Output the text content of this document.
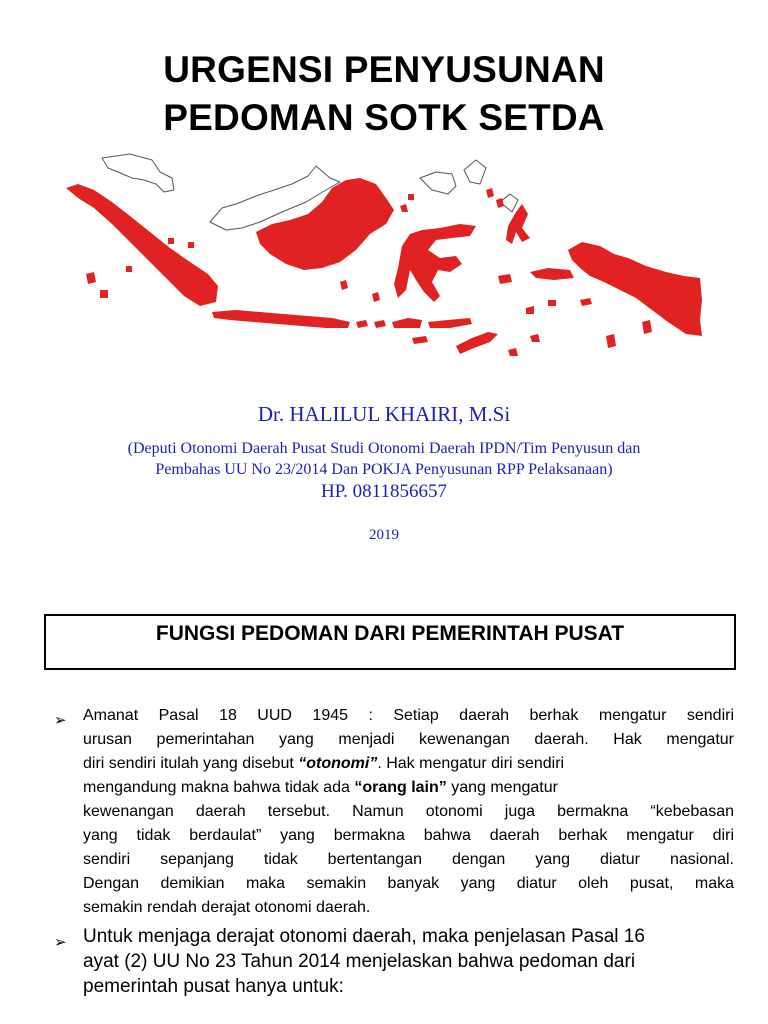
URGENSI PENYUSUNAN
PEDOMAN SOTK SETDA
Dr. HALILUL KHAIRI, M.Si
(Deputi Otonomi Daerah Pusat Studi Otonomi Daerah IPDN/Tim Penyusun dan
Pembahas UU No 23/2014 Dan POKJA Penyusunan RPP Pelaksanaan)
HP. 0811856657
2019
FUNGSI PEDOMAN DARI PEMERINTAH PUSAT
➢ Amanat Pasal 18 UUD 1945 : Setiap daerah berhak mengatur sendiri
urusan pemerintahan yang menjadi kewenangan daerah. Hak mengatur
diri sendiri itulah yang disebut “otonomi”. Hak mengatur diri sendiri
mengandung makna bahwa tidak ada “orang lain” yang mengatur
kewenangan daerah tersebut. Namun otonomi juga bermakna “kebebasan
yang tidak berdaulat” yang bermakna bahwa daerah berhak mengatur diri
sendiri sepanjang tidak bertentangan dengan yang diatur nasional.
Dengan demikian maka semakin banyak yang diatur oleh pusat, maka
semakin rendah derajat otonomi daerah.
➢ Untuk menjaga derajat otonomi daerah, maka penjelasan Pasal 16
ayat (2) UU No 23 Tahun 2014 menjelaskan bahwa pedoman dari
pemerintah pusat hanya untuk:
